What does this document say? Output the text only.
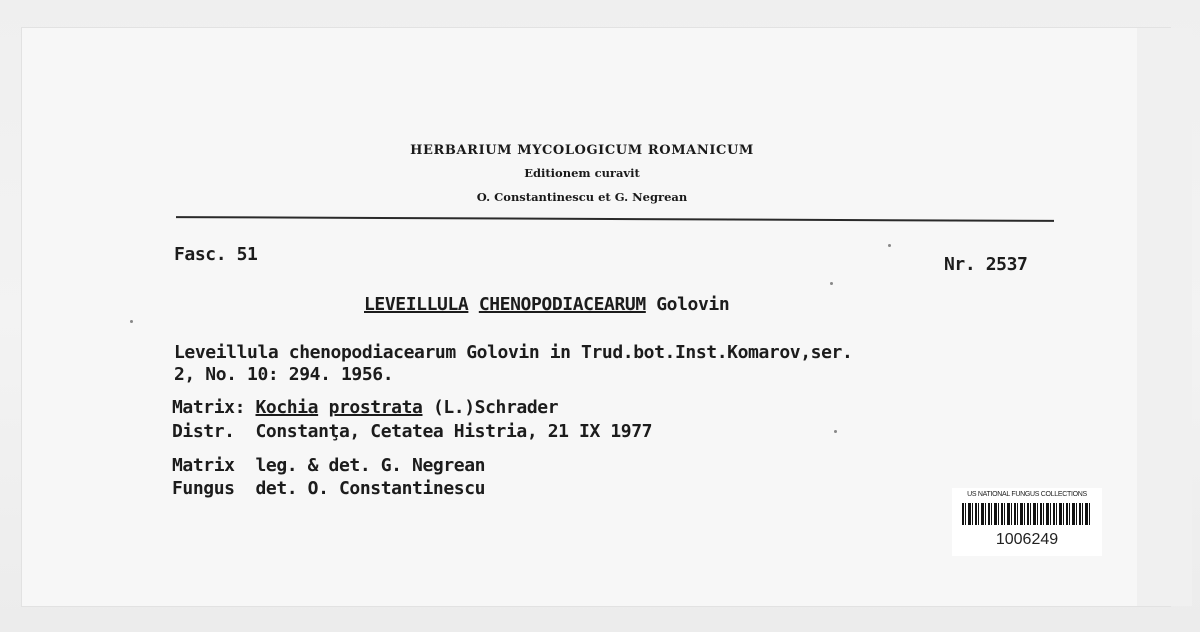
HERBARIUM MYCOLOGICUM ROMANICUM
Editionem curavit
O. Constantinescu et G. Negrean
Fasc. 51	Nr. 2537
LEVEILLULA CHENOPODIACEARUM Golovin
Leveillula chenopodiacearum Golovin in Trud.bot.Inst.Komarov,ser.
2, No. 10: 294. 1956.
Matrix: Kochia prostrata (L.)Schrader
Distr. Constanţa, Cetatea Histria, 21 IX 1977
Matrix leg. & det. G. Negrean
Fungus det. O. Constantinescu	US NATIONAL FUNGUS COLLECTIONS
1006249
